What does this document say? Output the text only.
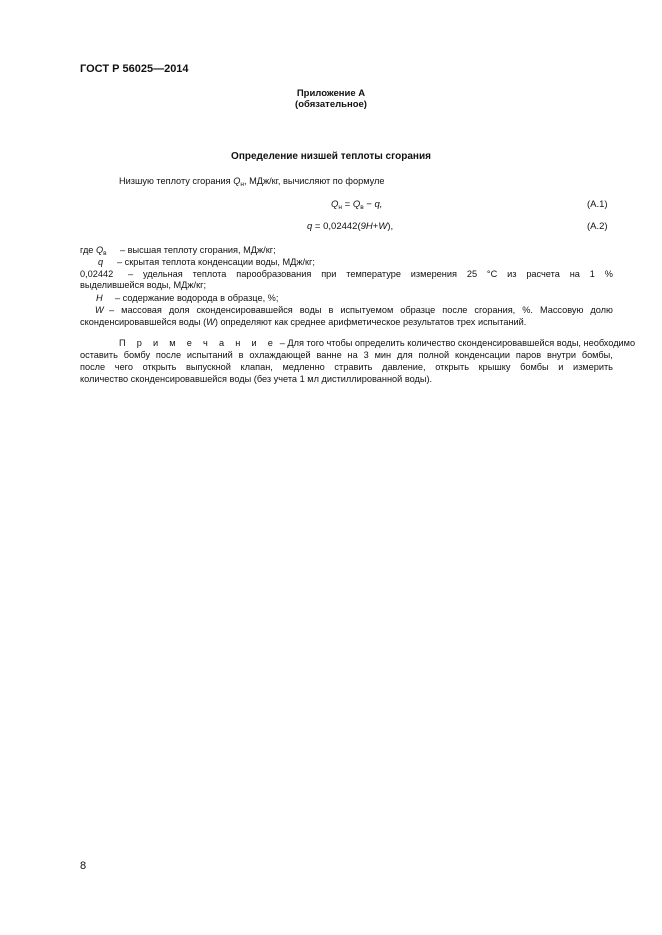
ГОСТ Р 56025—2014
Приложение А
(обязательное)
Определение низшей теплоты сгорания
Низшую теплоту сгорания $Q_н$, МДж/кг, вычисляют по формуле
$Q_н = Q_в - q$,	(А.1)
q = 0,02442(9H+W),	(А.2)
где $Q_в$ – высшая теплоту сгорания, МДж/кг;
q – скрытая теплота конденсации воды, МДж/кг;
0,02442 – удельная теплота парообразования при температуре измерения 25 °С из расчета на 1 %
выделившейся воды, МДж/кг;
H – содержание водорода в образце, %;
W – массовая доля сконденсировавшейся воды в испытуемом образце после сгорания, %. Массовую долю
сконденсировавшейся воды (W) определяют как среднее арифметическое результатов трех испытаний.
П р и м е ч а н и е – Для того чтобы определить количество сконденсировавшейся воды, необходимо
оставить бомбу после испытаний в охлаждающей ванне на 3 мин для полной конденсации паров внутри бомбы,
после чего открыть выпускной клапан, медленно стравить давление, открыть крышку бомбы и измерить
количество сконденсировавшейся воды (без учета 1 мл дистиллированной воды).
8
